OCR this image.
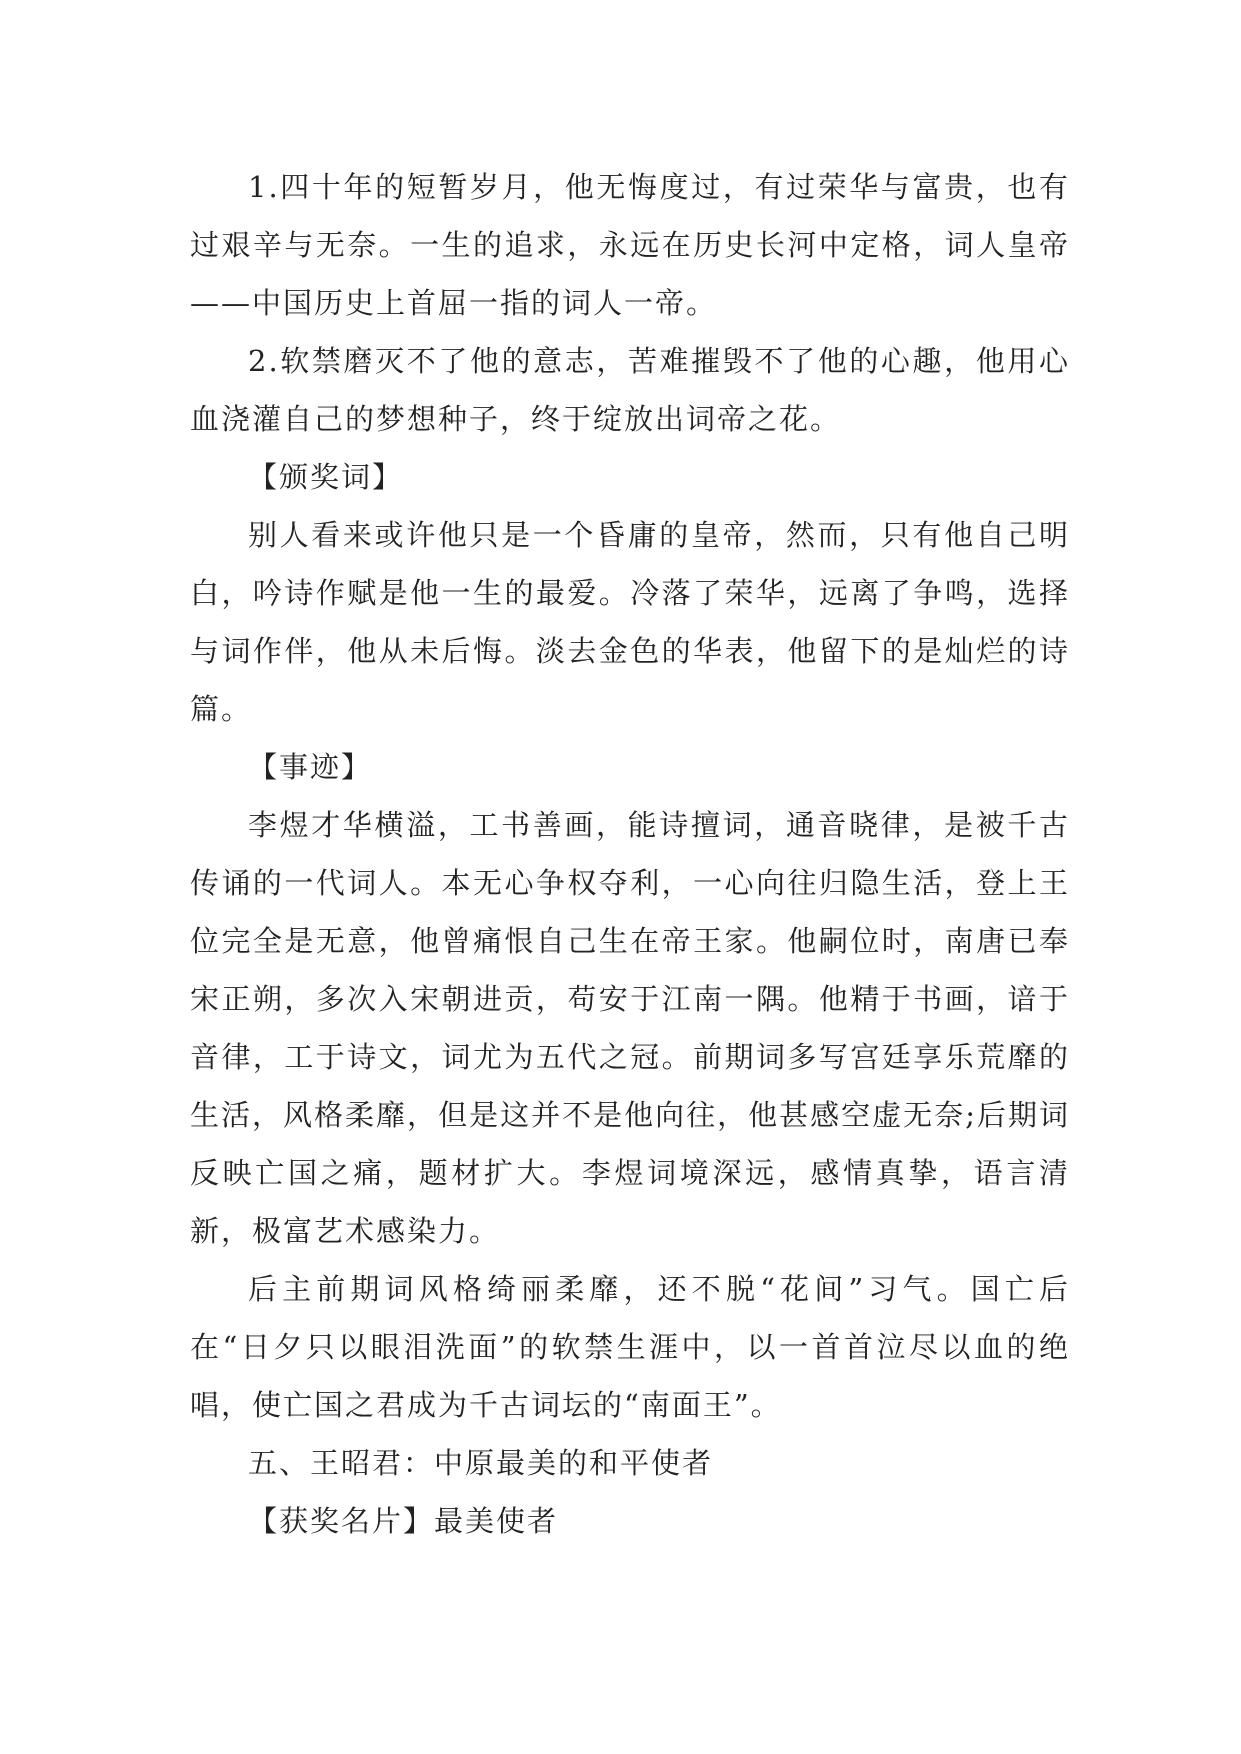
1.四十年的短暂岁月，他无悔度过，有过荣华与富贵，也有过艰辛与无奈。一生的追求，永远在历史长河中定格，词人皇帝——中国历史上首屈一指的词人一帝。

2.软禁磨灭不了他的意志，苦难摧毁不了他的心趣，他用心血浇灌自己的梦想种子，终于绽放出词帝之花。

【颁奖词】

别人看来或许他只是一个昏庸的皇帝，然而，只有他自己明白，吟诗作赋是他一生的最爱。冷落了荣华，远离了争鸣，选择与词作伴，他从未后悔。淡去金色的华表，他留下的是灿烂的诗篇。

【事迹】

李煜才华横溢，工书善画，能诗擅词，通音晓律，是被千古传诵的一代词人。本无心争权夺利，一心向往归隐生活，登上王位完全是无意，他曾痛恨自己生在帝王家。他嗣位时，南唐已奉宋正朔，多次入宋朝进贡，苟安于江南一隅。他精于书画，谙于音律，工于诗文，词尤为五代之冠。前期词多写宫廷享乐荒靡的生活，风格柔靡，但是这并不是他向往，他甚感空虚无奈;后期词反映亡国之痛，题材扩大。李煜词境深远，感情真挚，语言清新，极富艺术感染力。

后主前期词风格绮丽柔靡，还不脱“花间”习气。国亡后在“日夕只以眼泪洗面”的软禁生涯中，以一首首泣尽以血的绝唱，使亡国之君成为千古词坛的“南面王”。

五、王昭君：中原最美的和平使者

【获奖名片】最美使者
